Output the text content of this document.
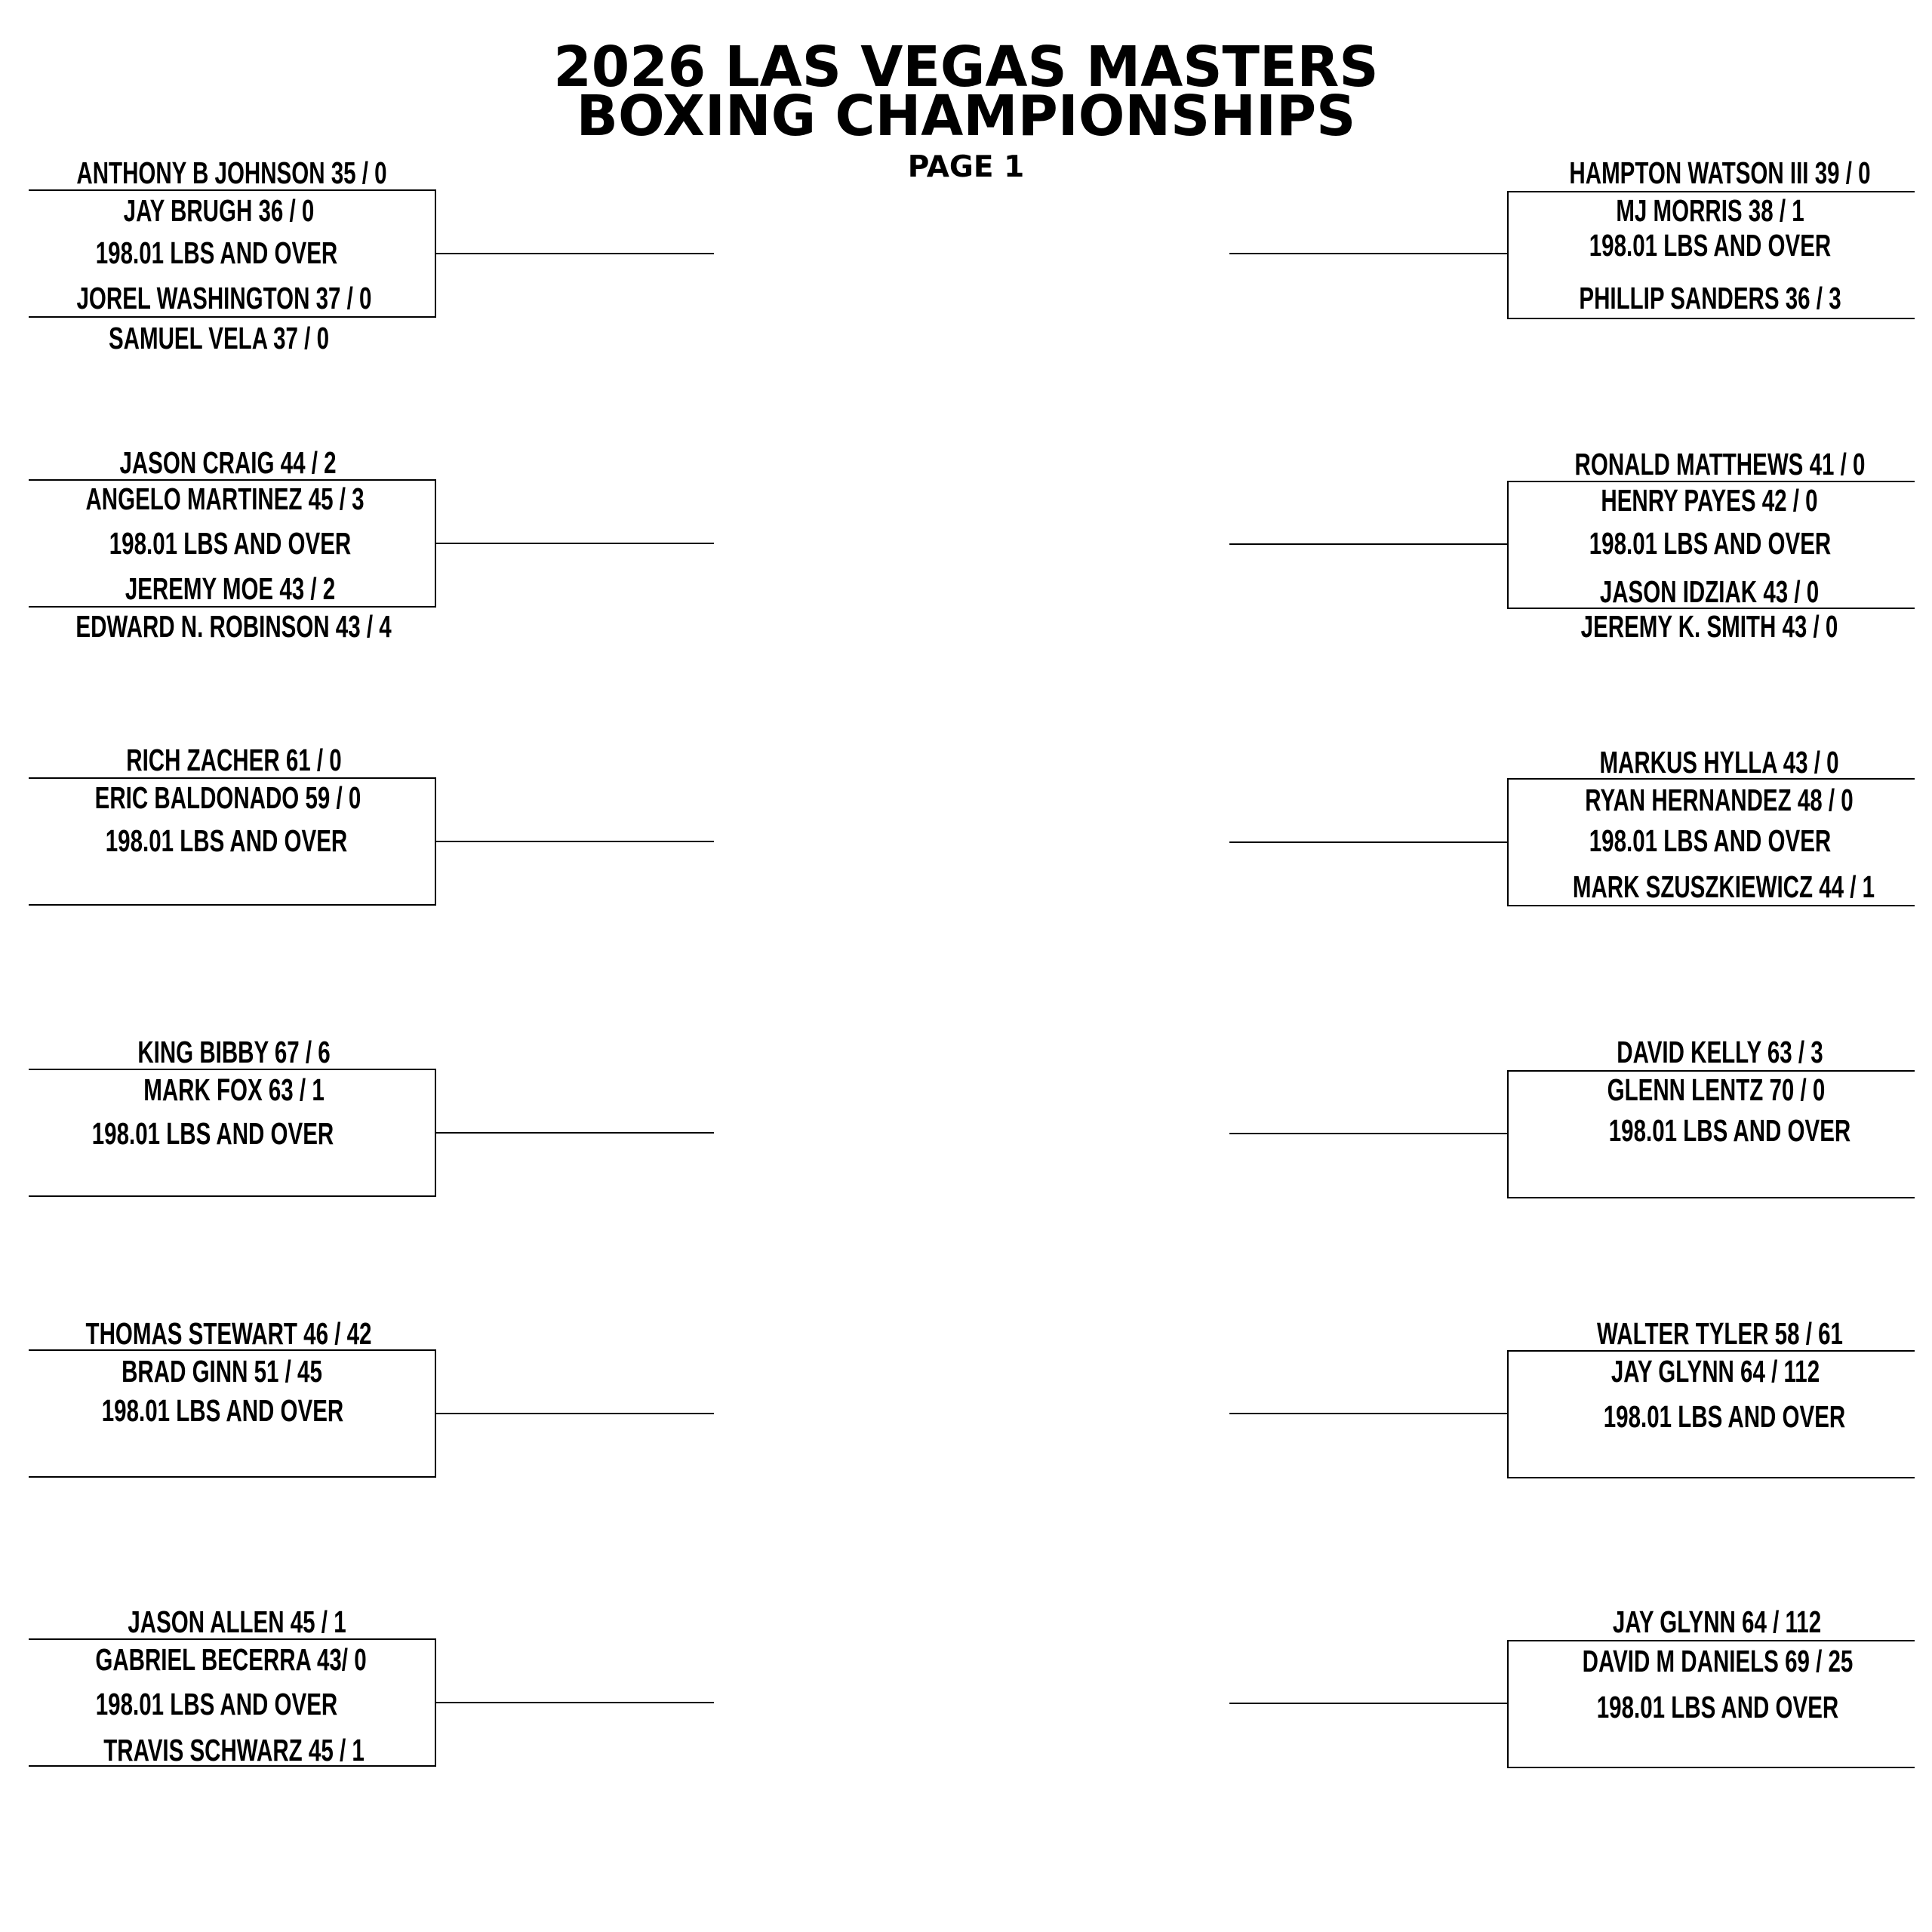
2026 LAS VEGAS MASTERS
BOXING CHAMPIONSHIPS
PAGE 1
ANTHONY B JOHNSON 35 / 0
JAY BRUGH 36 / 0
198.01 LBS AND OVER
JOREL WASHINGTON 37 / 0
SAMUEL VELA 37 / 0
JASON CRAIG 44 / 2
ANGELO MARTINEZ 45 / 3
198.01 LBS AND OVER
JEREMY MOE 43 / 2
EDWARD N. ROBINSON 43 / 4
RICH ZACHER 61 / 0
ERIC BALDONADO 59 / 0
198.01 LBS AND OVER
KING BIBBY 67 / 6
MARK FOX 63 / 1
198.01 LBS AND OVER
THOMAS STEWART 46 / 42
BRAD GINN 51 / 45
198.01 LBS AND OVER
JASON ALLEN 45 / 1
GABRIEL BECERRA 43/ 0
198.01 LBS AND OVER
TRAVIS SCHWARZ 45 / 1
HAMPTON WATSON III 39 / 0
MJ MORRIS 38 / 1
198.01 LBS AND OVER
PHILLIP SANDERS 36 / 3
RONALD MATTHEWS 41 / 0
HENRY PAYES 42 / 0
198.01 LBS AND OVER
JASON IDZIAK 43 / 0
JEREMY K. SMITH 43 / 0
MARKUS HYLLA 43 / 0
RYAN HERNANDEZ 48 / 0
198.01 LBS AND OVER
MARK SZUSZKIEWICZ 44 / 1
DAVID KELLY 63 / 3
GLENN LENTZ 70 / 0
198.01 LBS AND OVER
WALTER TYLER 58 / 61
JAY GLYNN 64 / 112
198.01 LBS AND OVER
JAY GLYNN 64 / 112
DAVID M DANIELS 69 / 25
198.01 LBS AND OVER
